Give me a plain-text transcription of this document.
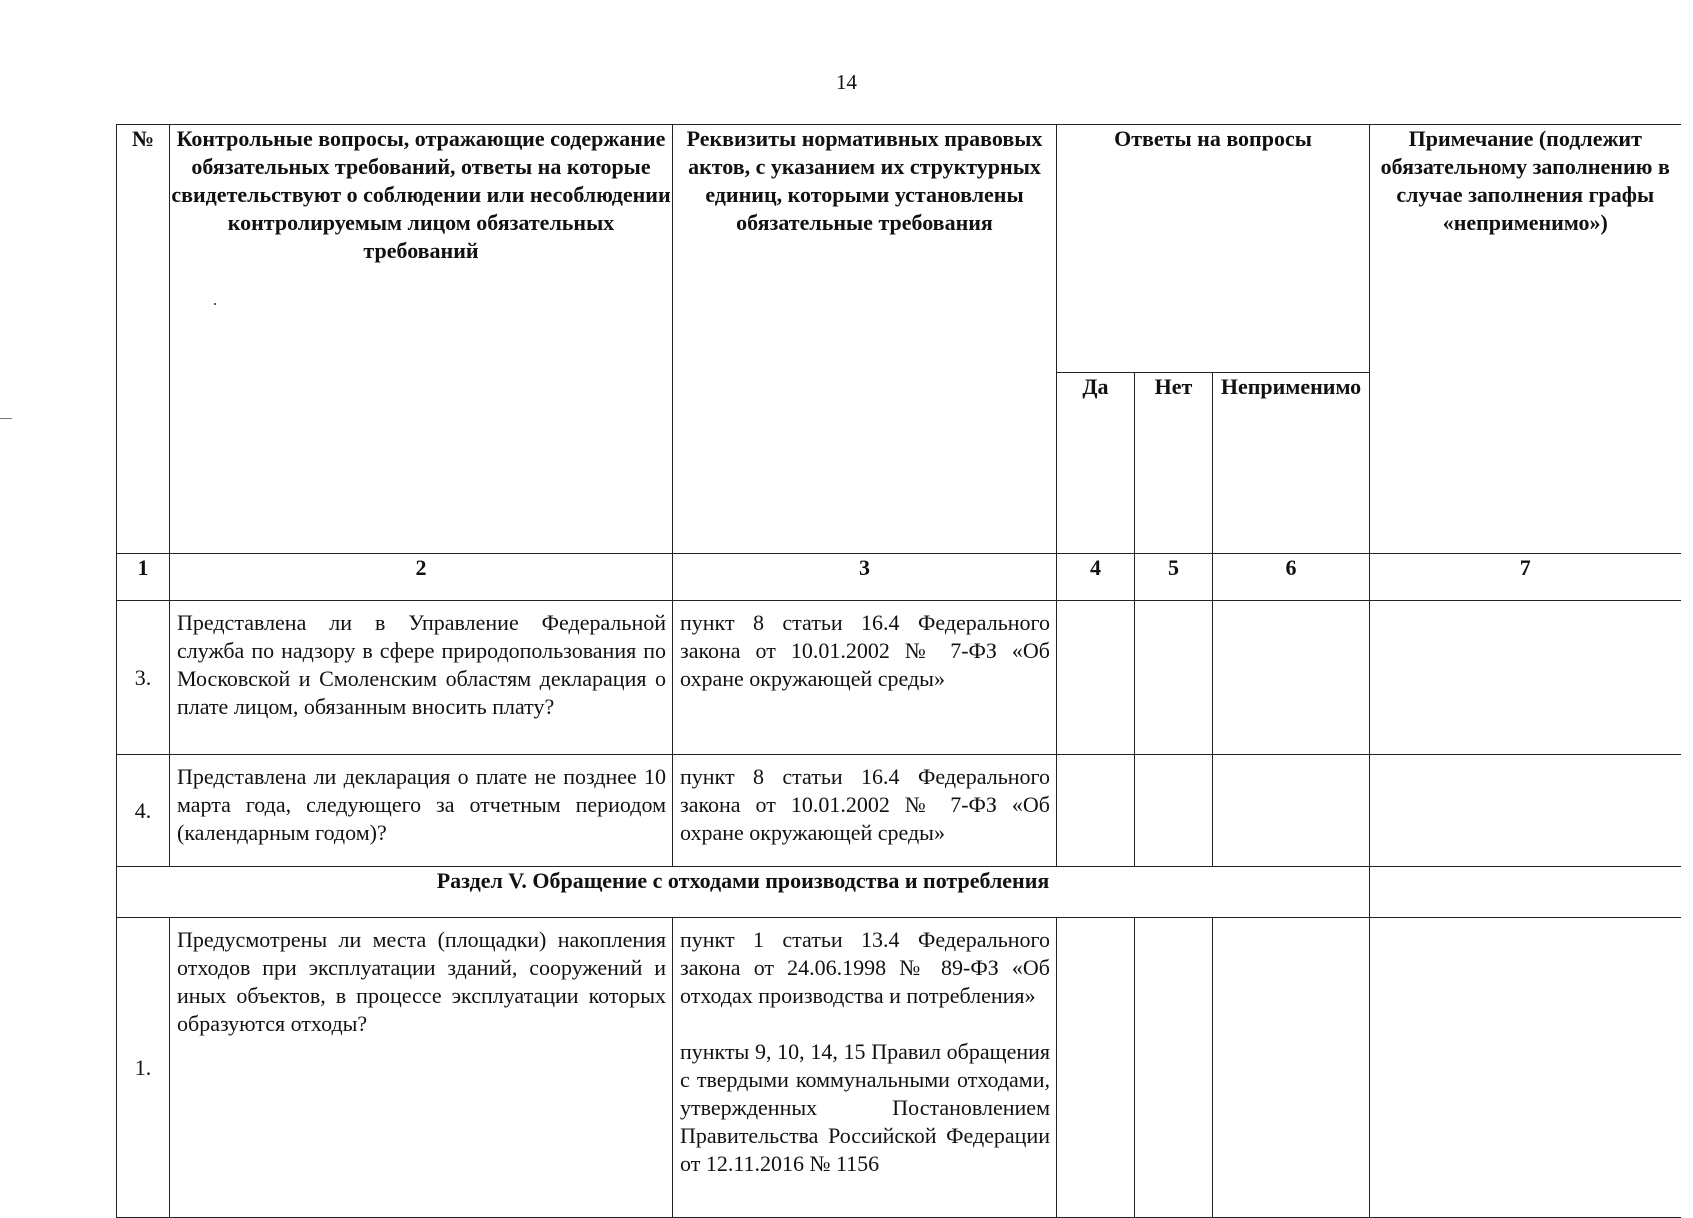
14
№	Контрольные вопросы, отражающие содержание обязательных требований, ответы на которые свидетельствуют о соблюдении или несоблюдении контролируемым лицом обязательных требований	Реквизиты нормативных правовых актов, с указанием их структурных единиц, которыми установлены обязательные требования	Ответы на вопросы			Примечание (подлежит обязательному заполнению в случае заполнения графы «неприменимо»)
			Да	Нет	Неприменимо	
1	2	3	4	5	6	7
3.	Представлена ли в Управление Федеральной служба по надзору в сфере природопользования по Московской и Смоленским областям декларация о плате лицом, обязанным вносить плату?	пункт 8 статьи 16.4 Федерального закона от 10.01.2002 № 7-ФЗ «Об охране окружающей среды»				

4.	Представлена ли декларация о плате не позднее 10 марта года, следующего за отчетным периодом (календарным годом)?	пункт 8 статьи 16.4 Федерального закона от 10.01.2002 № 7-ФЗ «Об охране окружающей среды»				

Раздел V. Обращение с отходами производства и потребления						
1.	Предусмотрены ли места (площадки) накопления отходов при эксплуатации зданий, сооружений и иных объектов, в процессе эксплуатации которых образуются отходы?	пункт 1 статьи 13.4 Федерального закона от 24.06.1998 № 89-ФЗ «Об отходах производства и потребления»

пункты 9, 10, 14, 15 Правил обращения с твердыми коммунальными отходами, утвержденных Постановлением Правительства Российской Федерации от 12.11.2016 № 1156				
